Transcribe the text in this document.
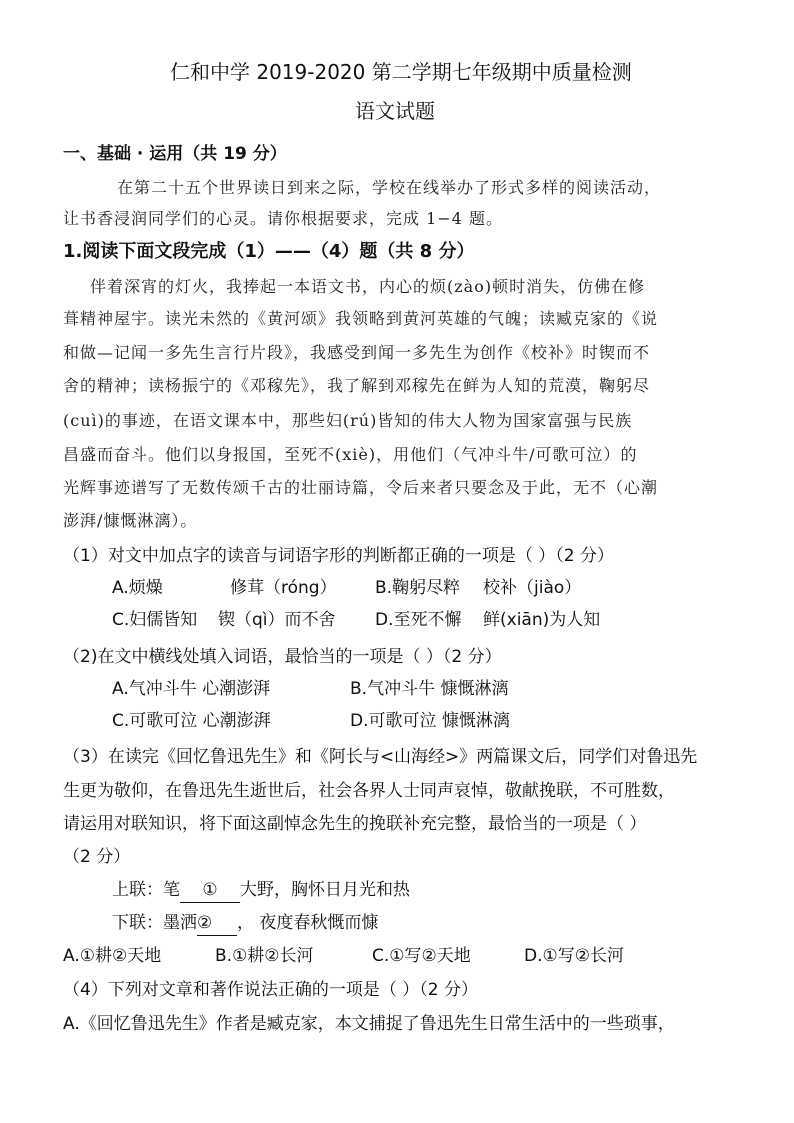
仁和中学 2019-2020 第二学期七年级期中质量检测
语文试题
一、基础 · 运用（共 19 分）
在第二十五个世界读日到来之际，学校在线举办了形式多样的阅读活动，
让书香浸润同学们的心灵。请你根据要求，完成 1−4 题。
1.阅读下面文段完成（1）——（4）题（共 8 分）
伴着深宵的灯火，我捧起一本语文书，内心的烦(zào)顿时消失，仿佛在修
葺精神屋宇。读光未然的《黄河颂》我领略到黄河英雄的气魄；读臧克家的《说
和做—记闻一多先生言行片段》，我感受到闻一多先生为创作《校补》时锲而不
舍的精神；读杨振宁的《邓稼先》，我了解到邓稼先在鲜为人知的荒漠，鞠躬尽
(cuì)的事迹，在语文课本中，那些妇(rú)皆知的伟大人物为国家富强与民族
昌盛而奋斗。他们以身报国，至死不(xiè)，用他们（气冲斗牛/可歌可泣）的
光辉事迹谱写了无数传颂千古的壮丽诗篇，令后来者只要念及于此，无不（心潮
澎湃/慷慨淋漓）。
（1）对文中加点字的读音与词语字形的判断都正确的一项是（ ）（2 分）
A.烦燥	修茸（róng） B.鞠躬尽粹 校补（jiào）
C.妇儒皆知 锲（qì）而不舍 D.至死不懈 鲜(xiān)为人知
（2)在文中横线处填入词语，最恰当的一项是（ ）（2 分）
A.气冲斗牛 心潮澎湃	B.气冲斗牛 慷慨淋漓
C.可歌可泣 心潮澎湃	D.可歌可泣 慷慨淋漓
（3）在读完《回忆鲁迅先生》和《阿长与<山海经>》两篇课文后，同学们对鲁迅先
生更为敬仰，在鲁迅先生逝世后，社会各界人士同声哀悼，敬献挽联，不可胜数，
请运用对联知识，将下面这副悼念先生的挽联补充完整，最恰当的一项是（ ）
（2 分）
上联：笔 ① 大野，胸怀日月光和热
下联：墨洒② ， 夜度春秋慨而慷
A.①耕②天地	B.①耕②长河	C.①写②天地	D.①写②长河
（4）下列对文章和著作说法正确的一项是（ ）（2 分）
A.《回忆鲁迅先生》作者是臧克家，本文捕捉了鲁迅先生日常生活中的一些琐事，
